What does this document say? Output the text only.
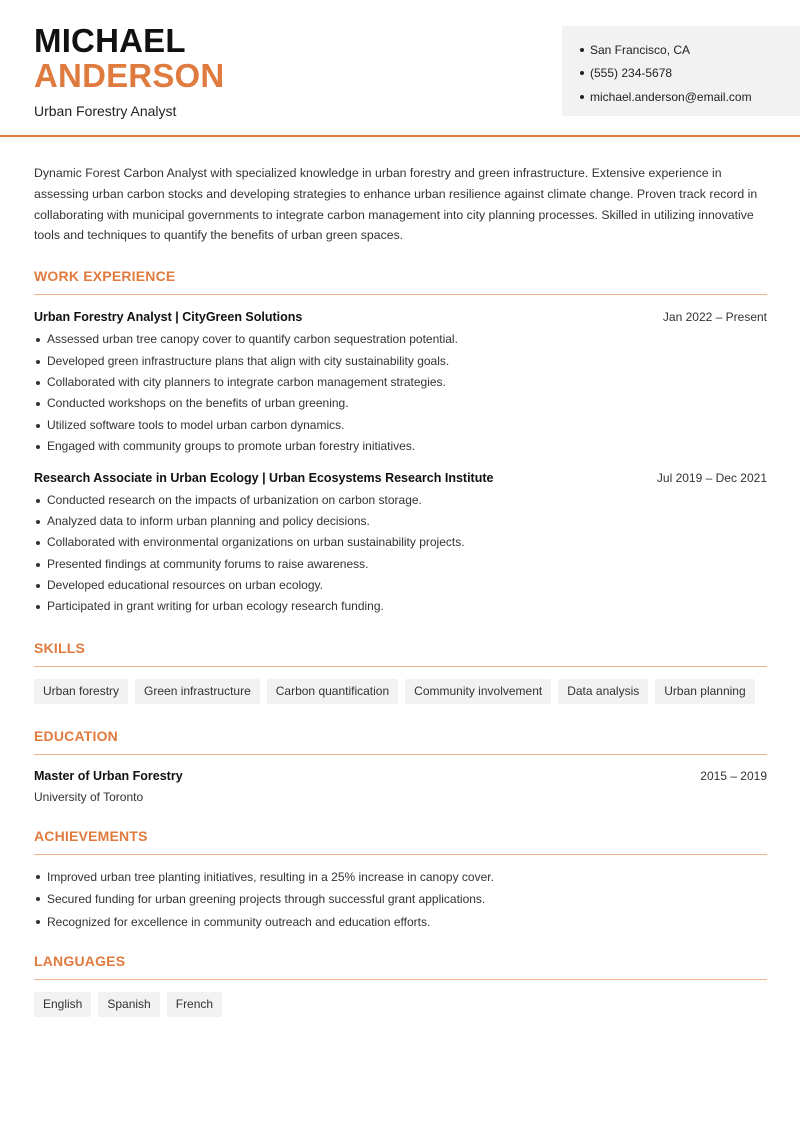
MICHAEL
ANDERSON
Urban Forestry Analyst
San Francisco, CA
(555) 234-5678
michael.anderson@email.com

Dynamic Forest Carbon Analyst with specialized knowledge in urban forestry and green infrastructure. Extensive experience in assessing urban carbon stocks and developing strategies to enhance urban resilience against climate change. Proven track record in collaborating with municipal governments to integrate carbon management into city planning processes. Skilled in utilizing innovative tools and techniques to quantify the benefits of urban green spaces.

WORK EXPERIENCE
Urban Forestry Analyst | CityGreen Solutions	Jan 2022 – Present
Assessed urban tree canopy cover to quantify carbon sequestration potential.
Developed green infrastructure plans that align with city sustainability goals.
Collaborated with city planners to integrate carbon management strategies.
Conducted workshops on the benefits of urban greening.
Utilized software tools to model urban carbon dynamics.
Engaged with community groups to promote urban forestry initiatives.
Research Associate in Urban Ecology | Urban Ecosystems Research Institute	Jul 2019 – Dec 2021
Conducted research on the impacts of urbanization on carbon storage.
Analyzed data to inform urban planning and policy decisions.
Collaborated with environmental organizations on urban sustainability projects.
Presented findings at community forums to raise awareness.
Developed educational resources on urban ecology.
Participated in grant writing for urban ecology research funding.
SKILLS
Urban forestry	Green infrastructure	Carbon quantification	Community involvement	Data analysis	Urban planning
EDUCATION
Master of Urban Forestry	2015 – 2019
University of Toronto
ACHIEVEMENTS
Improved urban tree planting initiatives, resulting in a 25% increase in canopy cover.
Secured funding for urban greening projects through successful grant applications.
Recognized for excellence in community outreach and education efforts.
LANGUAGES
English	Spanish	French
